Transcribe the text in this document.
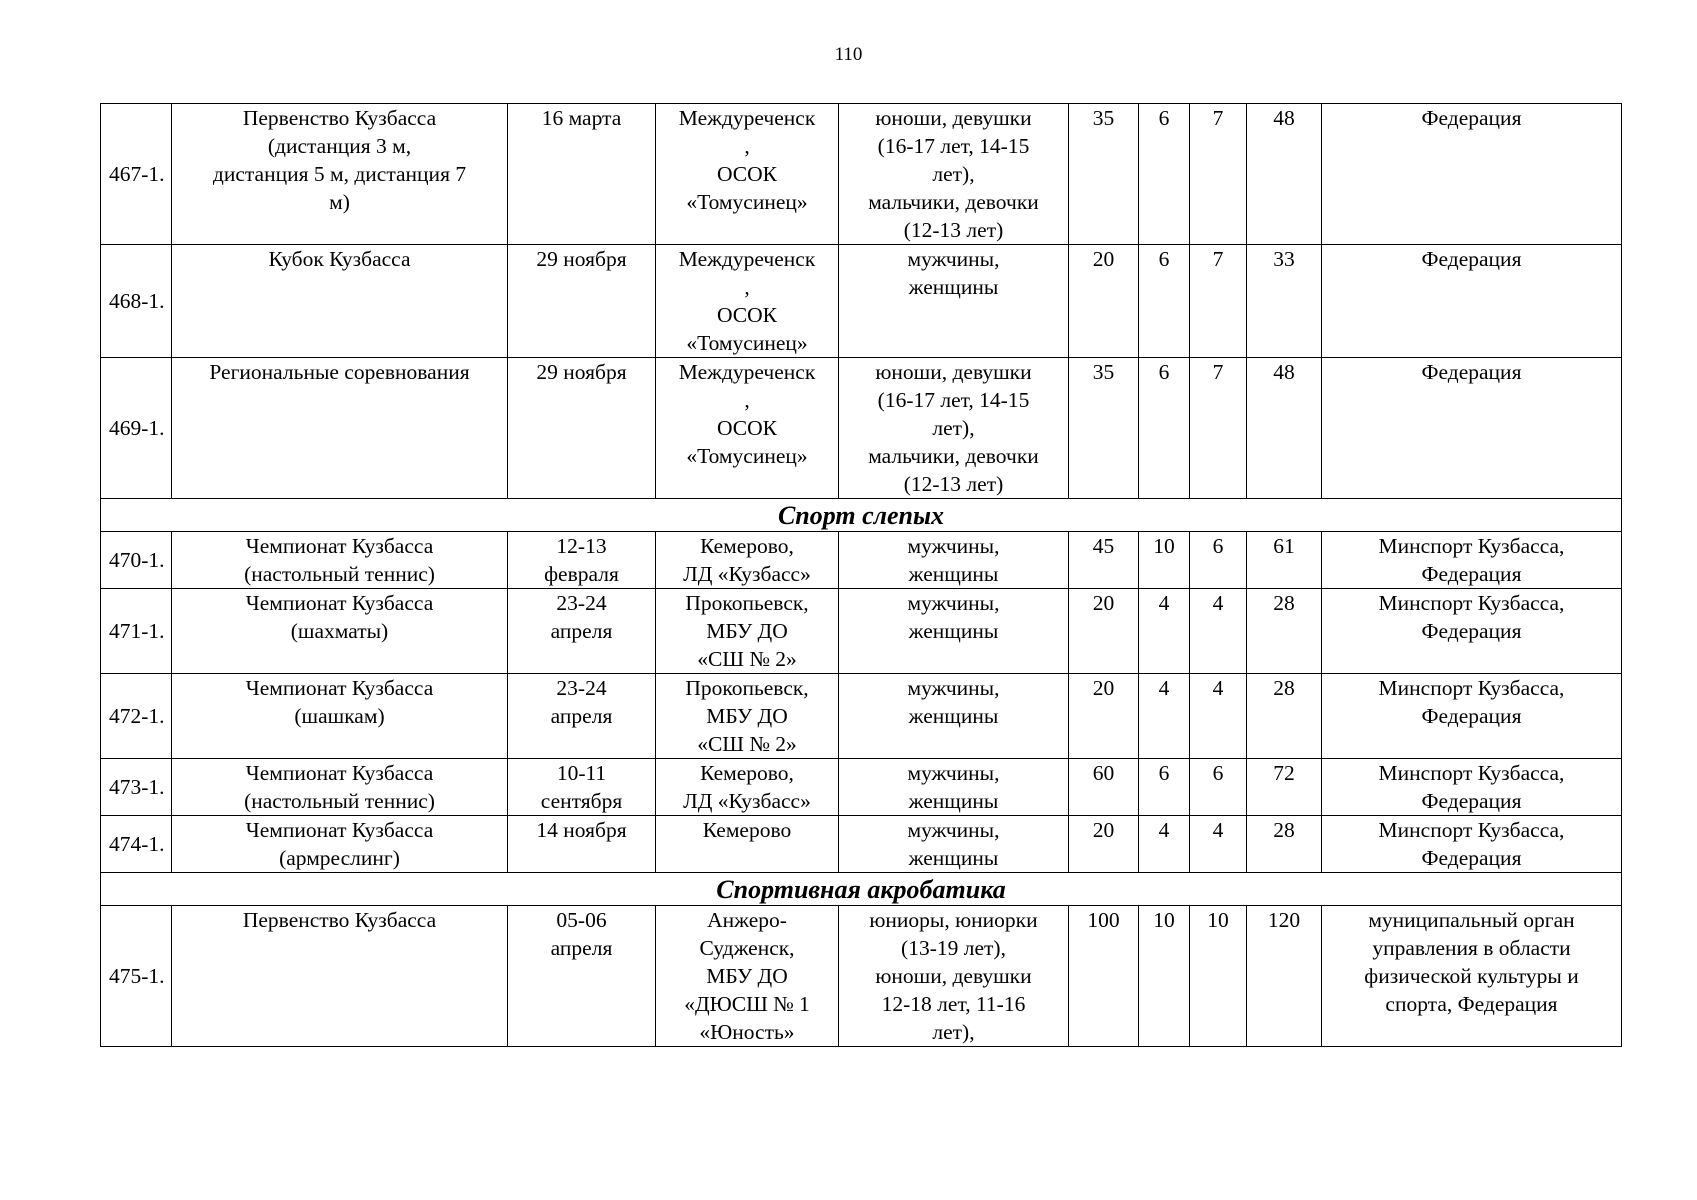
110
467-1.	Первенство Кузбасса
(дистанция 3 м,
дистанция 5 м, дистанция 7
м)	16 марта	Междуреченск
,
ОСОК
«Томусинец»	юноши, девушки
(16-17 лет, 14-15
лет),
мальчики, девочки
(12-13 лет)	35	6	7	48	Федерация

468-1.	Кубок Кузбасса	29 ноября	Междуреченск
,
ОСОК
«Томусинец»	мужчины,
женщины	20	6	7	33	Федерация

469-1.	Региональные соревнования	29 ноября	Междуреченск
,
ОСОК
«Томусинец»	юноши, девушки
(16-17 лет, 14-15
лет),
мальчики, девочки
(12-13 лет)	35	6	7	48	Федерация

Спорт слепых									
470-1.	Чемпионат Кузбасса
(настольный теннис)	12-13
февраля	Кемерово,
ЛД «Кузбасс»	мужчины,
женщины	45	10	6	61	Минспорт Кузбасса,
Федерация

471-1.	Чемпионат Кузбасса
(шахматы)	23-24
апреля	Прокопьевск,
МБУ ДО
«СШ № 2»	мужчины,
женщины	20	4	4	28	Минспорт Кузбасса,
Федерация

472-1.	Чемпионат Кузбасса
(шашкам)	23-24
апреля	Прокопьевск,
МБУ ДО
«СШ № 2»	мужчины,
женщины	20	4	4	28	Минспорт Кузбасса,
Федерация

473-1.	Чемпионат Кузбасса
(настольный теннис)	10-11
сентября	Кемерово,
ЛД «Кузбасс»	мужчины,
женщины	60	6	6	72	Минспорт Кузбасса,
Федерация

474-1.	Чемпионат Кузбасса
(армреслинг)	14 ноября	Кемерово	мужчины,
женщины	20	4	4	28	Минспорт Кузбасса,
Федерация

Спортивная акробатика									
475-1.	Первенство Кузбасса	05-06
апреля	Анжеро-
Судженск,
МБУ ДО
«ДЮСШ № 1
«Юность»	юниоры, юниорки
(13-19 лет),
юноши, девушки
12-18 лет, 11-16
лет),	100	10	10	120	муниципальный орган
управления в области
физической культуры и
спорта, Федерация
